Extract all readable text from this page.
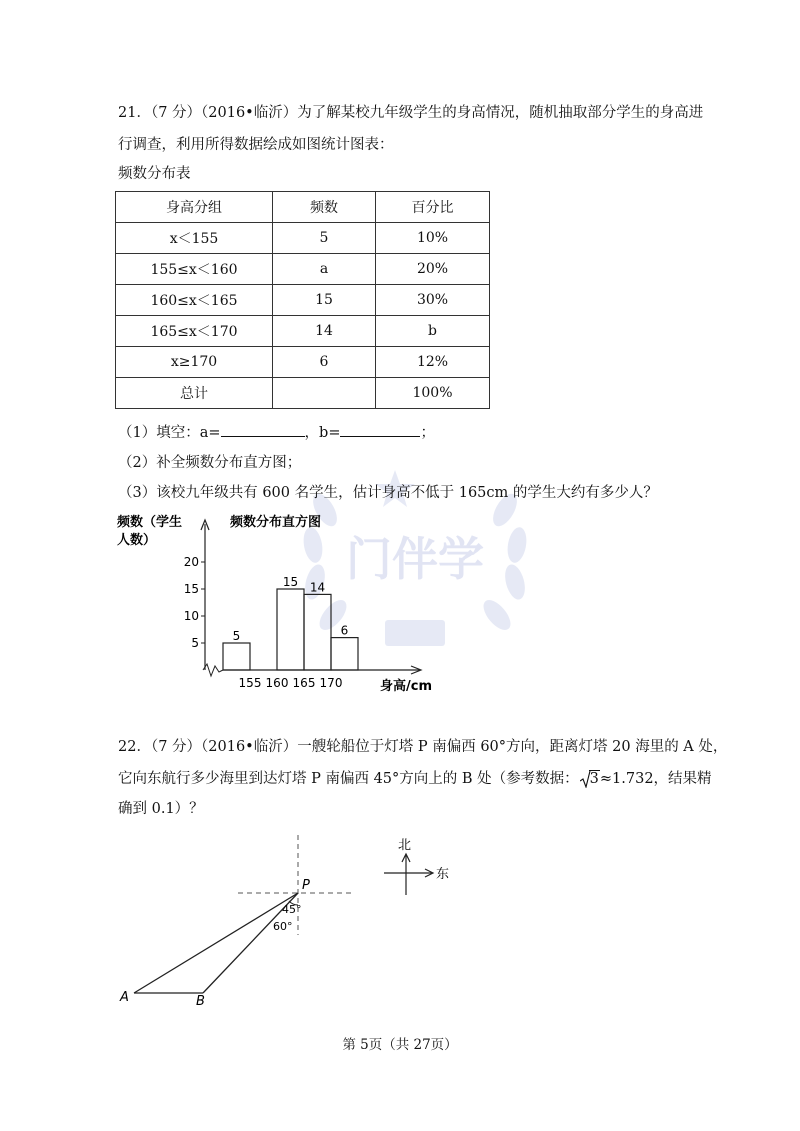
门伴学
21．（7 分）（2016•临沂）为了解某校九年级学生的身高情况，随机抽取部分学生的身高进
行调查，利用所得数据绘成如图统计图表：
频数分布表
身高分组	频数	百分比
x＜155	5	10%
155≤x＜160	a	20%
160≤x＜165	15	30%
165≤x＜170	14	b
x≥170	6	12%
总计		100%
（1）填空：a=	，b=	；
（2）补全频数分布直方图；
（3）该校九年级共有 600 名学生，估计身高不低于 165cm 的学生大约有多少人？
频数（学生
人数）
频数分布直方图
身高/cm
5
10
15
20
155 160 165 170
5
15 14
6
22．（7 分）（2016•临沂）一艘轮船位于灯塔 P 南偏西 60°方向，距离灯塔 20 海里的 A 处，
它向东航行多少海里到达灯塔 P 南偏西 45°方向上的 B 处（参考数据： 3≈1.732，结果精
确到 0.1）？
P
45°
60°
A	B
北
东
第 5页（共 27页）
